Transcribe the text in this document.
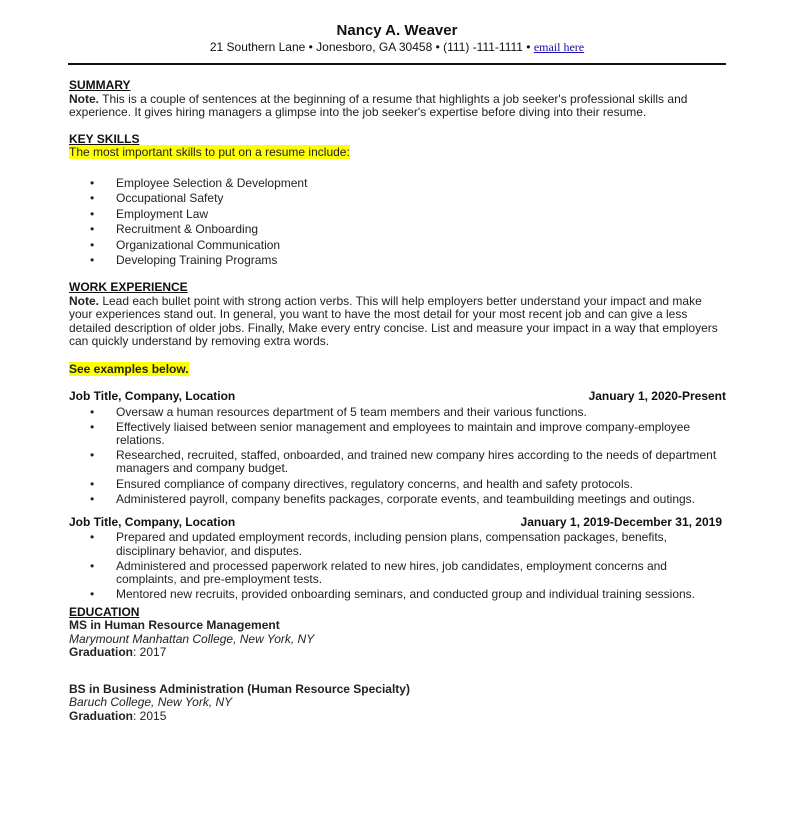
Nancy A. Weaver
21 Southern Lane • Jonesboro, GA 30458 • (111) -111-1111 • email here
SUMMARY
Note. This is a couple of sentences at the beginning of a resume that highlights a job seeker's professional skills and experience. It gives hiring managers a glimpse into the job seeker's expertise before diving into their resume.
KEY SKILLS
The most important skills to put on a resume include:
• Employee Selection & Development
• Occupational Safety
• Employment Law
• Recruitment & Onboarding
• Organizational Communication
• Developing Training Programs
WORK EXPERIENCE
Note. Lead each bullet point with strong action verbs. This will help employers better understand your impact and make your experiences stand out. In general, you want to have the most detail for your most recent job and can give a less detailed description of older jobs. Finally, Make every entry concise. List and measure your impact in a way that employers can quickly understand by removing extra words.
See examples below.
Job Title, Company, Location	January 1, 2020-Present
• Oversaw a human resources department of 5 team members and their various functions.
• Effectively liaised between senior management and employees to maintain and improve company-employee relations.
• Researched, recruited, staffed, onboarded, and trained new company hires according to the needs of department managers and company budget.
• Ensured compliance of company directives, regulatory concerns, and health and safety protocols.
• Administered payroll, company benefits packages, corporate events, and teambuilding meetings and outings.
Job Title, Company, Location	January 1, 2019-December 31, 2019
• Prepared and updated employment records, including pension plans, compensation packages, benefits, disciplinary behavior, and disputes.
• Administered and processed paperwork related to new hires, job candidates, employment concerns and complaints, and pre-employment tests.
• Mentored new recruits, provided onboarding seminars, and conducted group and individual training sessions.
EDUCATION
MS in Human Resource Management
Marymount Manhattan College, New York, NY
Graduation: 2017
BS in Business Administration (Human Resource Specialty)
Baruch College, New York, NY
Graduation: 2015
